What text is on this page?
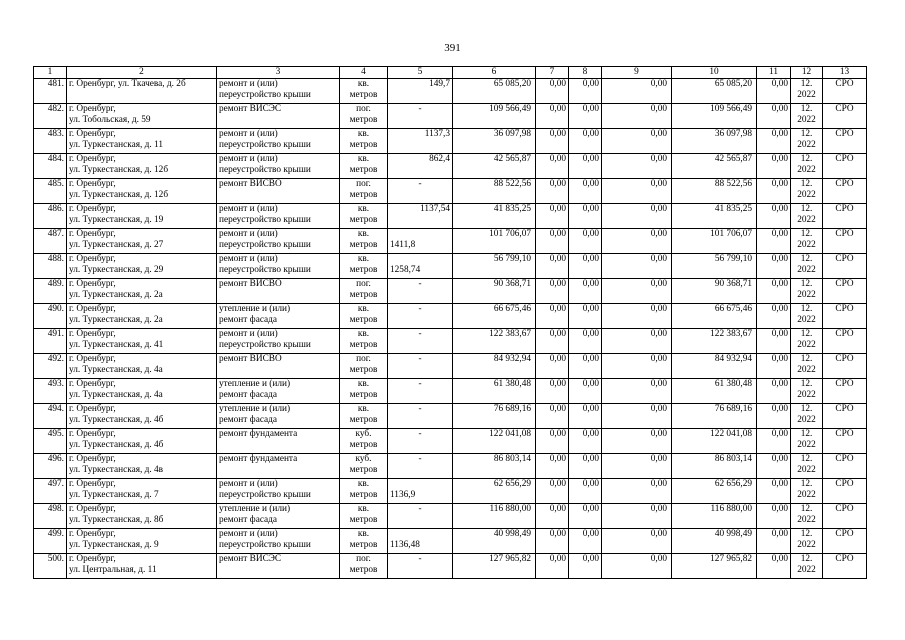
391
1	2	3	4	5	6	7	8	9	10	11	12	13
481.	г. Оренбург, ул. Ткачева, д. 2б	ремонт и (или)
переустройство крыши	кв.
метров	149,7	65 085,20	0,00	0,00	0,00	65 085,20	0,00	12.
2022	СРО
482.	г. Оренбург,
ул. Тобольская, д. 59	ремонт ВИСЭС	пог.
метров	-	109 566,49	0,00	0,00	0,00	109 566,49	0,00	12.
2022	СРО
483.	г. Оренбург,
ул. Туркестанская, д. 11	ремонт и (или)
переустройство крыши	кв.
метров	1137,3	36 097,98	0,00	0,00	0,00	36 097,98	0,00	12.
2022	СРО
484.	г. Оренбург,
ул. Туркестанская, д. 12б	ремонт и (или)
переустройство крыши	кв.
метров	862,4	42 565,87	0,00	0,00	0,00	42 565,87	0,00	12.
2022	СРО
485.	г. Оренбург,
ул. Туркестанская, д. 12б	ремонт ВИСВО	пог.
метров	-	88 522,56	0,00	0,00	0,00	88 522,56	0,00	12.
2022	СРО
486.	г. Оренбург,
ул. Туркестанская, д. 19	ремонт и (или)
переустройство крыши	кв.
метров	1137,54	41 835,25	0,00	0,00	0,00	41 835,25	0,00	12.
2022	СРО
487.	г. Оренбург,
ул. Туркестанская, д. 27	ремонт и (или)
переустройство крыши	кв.
метров	1411,8	101 706,07	0,00	0,00	0,00	101 706,07	0,00	12.
2022	СРО
488.	г. Оренбург,
ул. Туркестанская, д. 29	ремонт и (или)
переустройство крыши	кв.
метров	1258,74	56 799,10	0,00	0,00	0,00	56 799,10	0,00	12.
2022	СРО
489.	г. Оренбург,
ул. Туркестанская, д. 2а	ремонт ВИСВО	пог.
метров	-	90 368,71	0,00	0,00	0,00	90 368,71	0,00	12.
2022	СРО
490.	г. Оренбург,
ул. Туркестанская, д. 2а	утепление и (или)
ремонт фасада	кв.
метров	-	66 675,46	0,00	0,00	0,00	66 675,46	0,00	12.
2022	СРО
491.	г. Оренбург,
ул. Туркестанская, д. 41	ремонт и (или)
переустройство крыши	кв.
метров	-	122 383,67	0,00	0,00	0,00	122 383,67	0,00	12.
2022	СРО
492.	г. Оренбург,
ул. Туркестанская, д. 4а	ремонт ВИСВО	пог.
метров	-	84 932,94	0,00	0,00	0,00	84 932,94	0,00	12.
2022	СРО
493.	г. Оренбург,
ул. Туркестанская, д. 4а	утепление и (или)
ремонт фасада	кв.
метров	-	61 380,48	0,00	0,00	0,00	61 380,48	0,00	12.
2022	СРО
494.	г. Оренбург,
ул. Туркестанская, д. 4б	утепление и (или)
ремонт фасада	кв.
метров	-	76 689,16	0,00	0,00	0,00	76 689,16	0,00	12.
2022	СРО
495.	г. Оренбург,
ул. Туркестанская, д. 4б	ремонт фундамента	куб.
метров	-	122 041,08	0,00	0,00	0,00	122 041,08	0,00	12.
2022	СРО
496.	г. Оренбург,
ул. Туркестанская, д. 4в	ремонт фундамента	куб.
метров	-	86 803,14	0,00	0,00	0,00	86 803,14	0,00	12.
2022	СРО
497.	г. Оренбург,
ул. Туркестанская, д. 7	ремонт и (или)
переустройство крыши	кв.
метров	1136,9	62 656,29	0,00	0,00	0,00	62 656,29	0,00	12.
2022	СРО
498.	г. Оренбург,
ул. Туркестанская, д. 8б	утепление и (или)
ремонт фасада	кв.
метров	-	116 880,00	0,00	0,00	0,00	116 880,00	0,00	12.
2022	СРО
499.	г. Оренбург,
ул. Туркестанская, д. 9	ремонт и (или)
переустройство крыши	кв.
метров	1136,48	40 998,49	0,00	0,00	0,00	40 998,49	0,00	12.
2022	СРО
500.	г. Оренбург,
ул. Центральная, д. 11	ремонт ВИСЭС	пог.
метров	-	127 965,82	0,00	0,00	0,00	127 965,82	0,00	12.
2022	СРО
